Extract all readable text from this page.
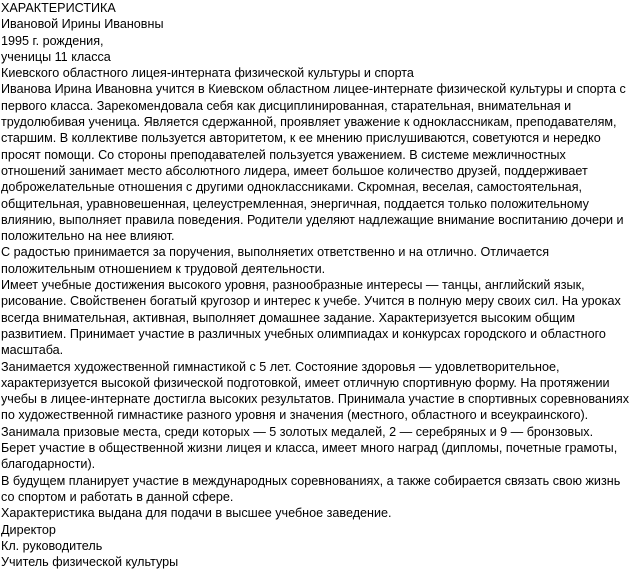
ХАРАКТЕРИСТИКА
Ивановой Ирины Ивановны
1995 г. рождения,
ученицы 11 класса
Киевского областного лицея-интерната физической культуры и спорта
Иванова Ирина Ивановна учится в Киевском областном лицее-интернате физической культуры и спорта с первого класса. Зарекомендовала себя как дисциплинированная, старательная, внимательная и трудолюбивая ученица. Является сдержанной, проявляет уважение к одноклассникам, преподавателям, старшим. В коллективе пользуется авторитетом, к ее мнению прислушиваются, советуются и нередко просят помощи. Со стороны преподавателей пользуется уважением. В системе межличностных отношений занимает место абсолютного лидера, имеет большое количество друзей, поддерживает доброжелательные отношения с другими одноклассниками. Скромная, веселая, самостоятельная, общительная, уравновешенная, целеустремленная, энергичная, поддается только положительному влиянию, выполняет правила поведения. Родители уделяют надлежащие внимание воспитанию дочери и положительно на нее влияют.
С радостью принимается за поручения, выполняетих ответственно и на отлично. Отличается положительным отношением к трудовой деятельности.
Имеет учебные достижения высокого уровня, разнообразные интересы — танцы, английский язык, рисование. Свойственен богатый кругозор и интерес к учебе. Учится в полную меру своих сил. На уроках всегда внимательная, активная, выполняет домашнее задание. Характеризуется высоким общим развитием. Принимает участие в различных учебных олимпиадах и конкурсах городского и областного масштаба.
Занимается художественной гимнастикой с 5 лет. Состояние здоровья — удовлетворительное, характеризуется высокой физической подготовкой, имеет отличную спортивную форму. На протяжении учебы в лицее-интернате достигла высоких результатов. Принимала участие в спортивных соревнованиях по художественной гимнастике разного уровня и значения (местного, областного и всеукраинского). Занимала призовые места, среди которых — 5 золотых медалей, 2 — серебряных и 9 — бронзовых.
Берет участие в общественной жизни лицея и класса, имеет много наград (дипломы, почетные грамоты, благодарности).
В будущем планирует участие в международных соревнованиях, а также собирается связать свою жизнь со спортом и работать в данной сфере.
Характеристика выдана для подачи в высшее учебное заведение.
Директор
Кл. руководитель
Учитель физической культуры
